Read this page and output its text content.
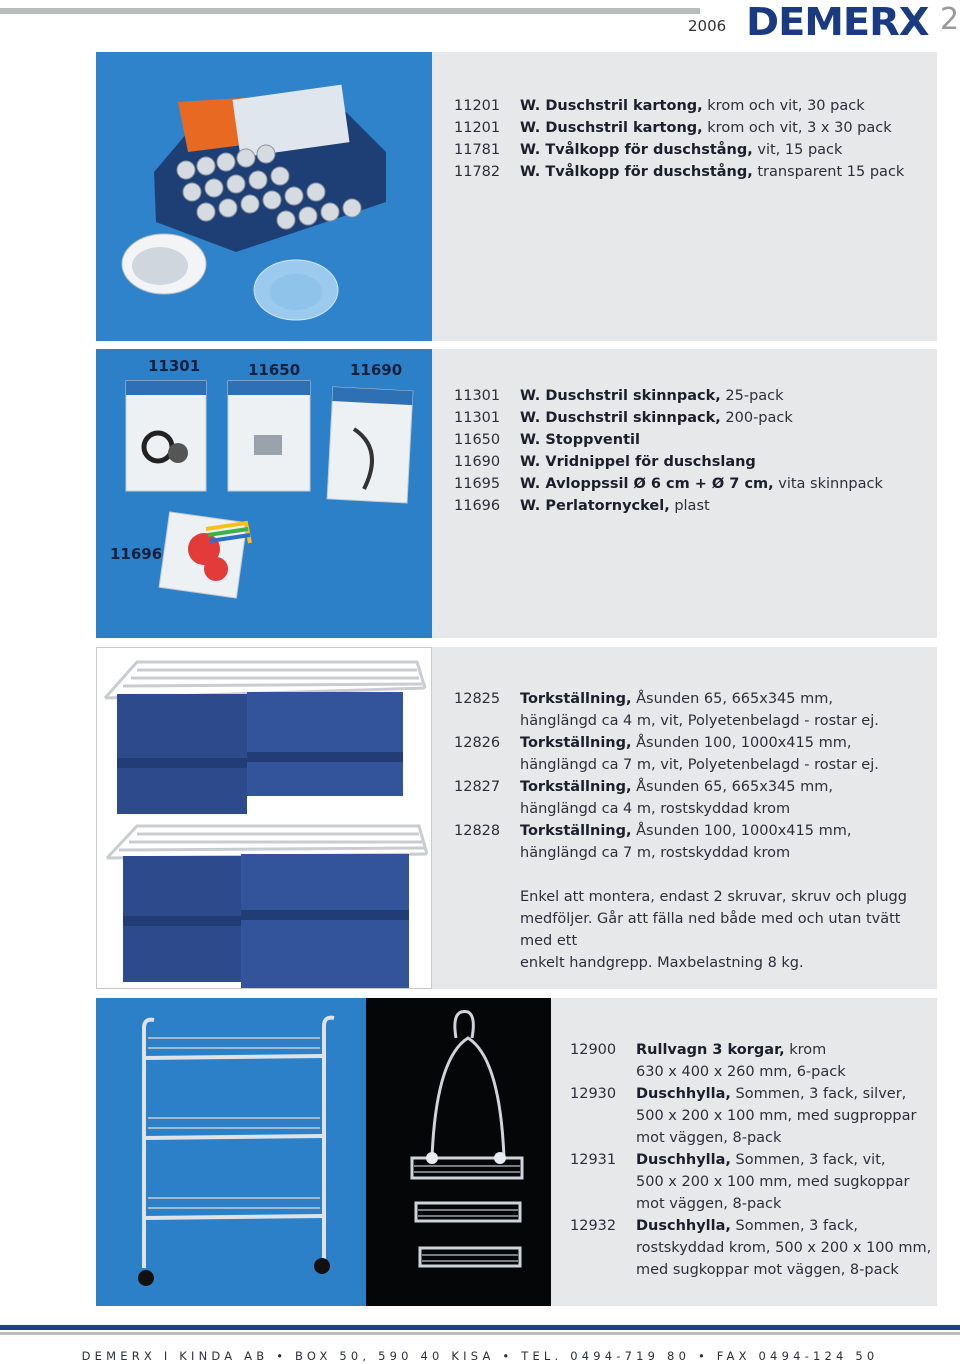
2006 DEMERX 2
11201	W. Duschstril kartong, krom och vit, 30 pack
11201	W. Duschstril kartong, krom och vit, 3 x 30 pack
11781	W. Tvålkopp för duschstång, vit, 15 pack
11782	W. Tvålkopp för duschstång, transparent 15 pack
11301	11650	11690
11696
11301	W. Duschstril skinnpack, 25-pack
11301	W. Duschstril skinnpack, 200-pack
11650	W. Stoppventil
11690	W. Vridnippel för duschslang
11695	W. Avloppssil Ø 6 cm + Ø 7 cm, vita skinnpack
11696	W. Perlatornyckel, plast
12825	Torkställning, Åsunden 65, 665x345 mm,
hänglängd ca 4 m, vit, Polyetenbelagd - rostar ej.
12826	Torkställning, Åsunden 100, 1000x415 mm,
hänglängd ca 7 m, vit, Polyetenbelagd - rostar ej.
12827	Torkställning, Åsunden 65, 665x345 mm,
hänglängd ca 4 m, rostskyddad krom
12828	Torkställning, Åsunden 100, 1000x415 mm,
hänglängd ca 7 m, rostskyddad krom
Enkel att montera, endast 2 skruvar, skruv och plugg
medföljer. Går att fälla ned både med och utan tvätt med ett
enkelt handgrepp. Maxbelastning 8 kg.
12900	Rullvagn 3 korgar, krom
630 x 400 x 260 mm, 6-pack
12930	Duschhylla, Sommen, 3 fack, silver,
500 x 200 x 100 mm, med sugproppar
mot väggen, 8-pack
12931	Duschhylla, Sommen, 3 fack, vit,
500 x 200 x 100 mm, med sugkoppar
mot väggen, 8-pack
12932	Duschhylla, Sommen, 3 fack,
rostskyddad krom, 500 x 200 x 100 mm,
med sugkoppar mot väggen, 8-pack
DEMERX I KINDA AB • BOX 50, 590 40 KISA • TEL. 0494-719 80 • FAX 0494-124 50
